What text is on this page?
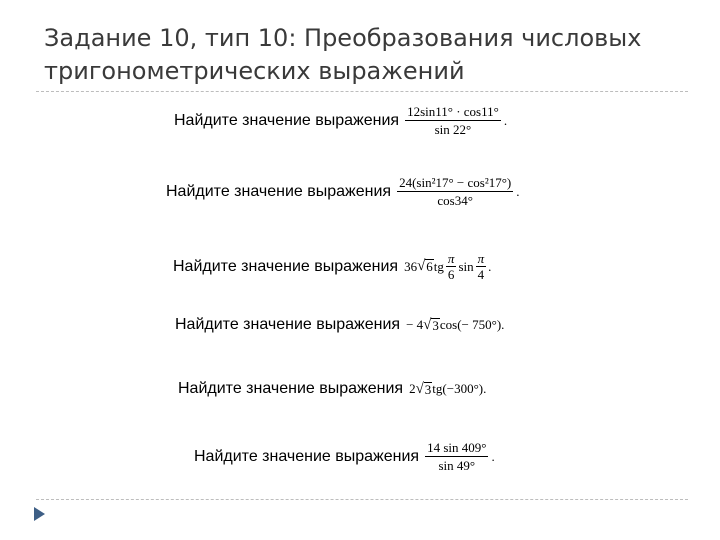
Задание 10, тип 10: Преобразования числовых тригонометрических выражений
Найдите значение выражения $\frac{12\sin 11^\circ \cdot \cos 11^\circ}{\sin 22^\circ}$ .
Найдите значение выражения $\frac{\text{24(sin²17° − cos²17°)}}{\cos 34^\circ}$ .
Найдите значение выражения 36 √ 6 tg $\frac{\pi}{6}$ $\sin \frac{\pi}{4}$ .
Найдите значение выражения − 4 √ 3 cos(− 750°).
Найдите значение выражения 2 √ 3 tg(−300°).
Найдите значение выражения $\frac{14 \sin 409^\circ}{\sin 49^\circ}$ .
